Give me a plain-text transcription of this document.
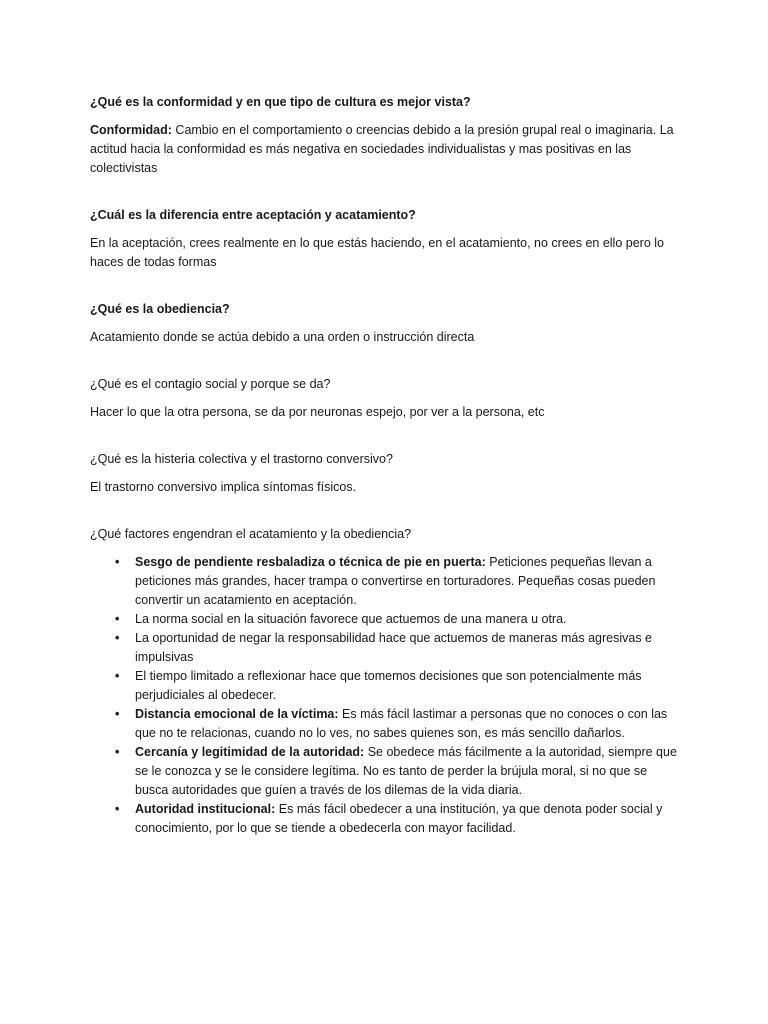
¿Qué es la conformidad y en que tipo de cultura es mejor vista?

Conformidad: Cambio en el comportamiento o creencias debido a la presión grupal real o imaginaria. La actitud hacia la conformidad es más negativa en sociedades individualistas y mas positivas en las colectivistas

¿Cuál es la diferencia entre aceptación y acatamiento?

En la aceptación, crees realmente en lo que estás haciendo, en el acatamiento, no crees en ello pero lo haces de todas formas

¿Qué es la obediencia?

Acatamiento donde se actúa debido a una orden o instrucción directa

¿Qué es el contagio social y porque se da?

Hacer lo que la otra persona, se da por neuronas espejo, por ver a la persona, etc

¿Qué es la histeria colectiva y el trastorno conversivo?

El trastorno conversivo implica síntomas físicos.

¿Qué factores engendran el acatamiento y la obediencia?

• Sesgo de pendiente resbaladiza o técnica de pie en puerta: Peticiones pequeñas llevan a peticiones más grandes, hacer trampa o convertirse en torturadores. Pequeñas cosas pueden convertir un acatamiento en aceptación.
• La norma social en la situación favorece que actuemos de una manera u otra.
• La oportunidad de negar la responsabilidad hace que actuemos de maneras más agresivas e impulsivas
• El tiempo limitado a reflexionar hace que tomemos decisiones que son potencialmente más perjudiciales al obedecer.
• Distancia emocional de la víctima: Es más fácil lastimar a personas que no conoces o con las que no te relacionas, cuando no lo ves, no sabes quienes son, es más sencillo dañarlos.
• Cercanía y legitimidad de la autoridad: Se obedece más fácilmente a la autoridad, siempre que se le conozca y se le considere legítima. No es tanto de perder la brújula moral, si no que se busca autoridades que guíen a través de los dilemas de la vida diaria.
• Autoridad institucional: Es más fácil obedecer a una institución, ya que denota poder social y conocimiento, por lo que se tiende a obedecerla con mayor facilidad.
